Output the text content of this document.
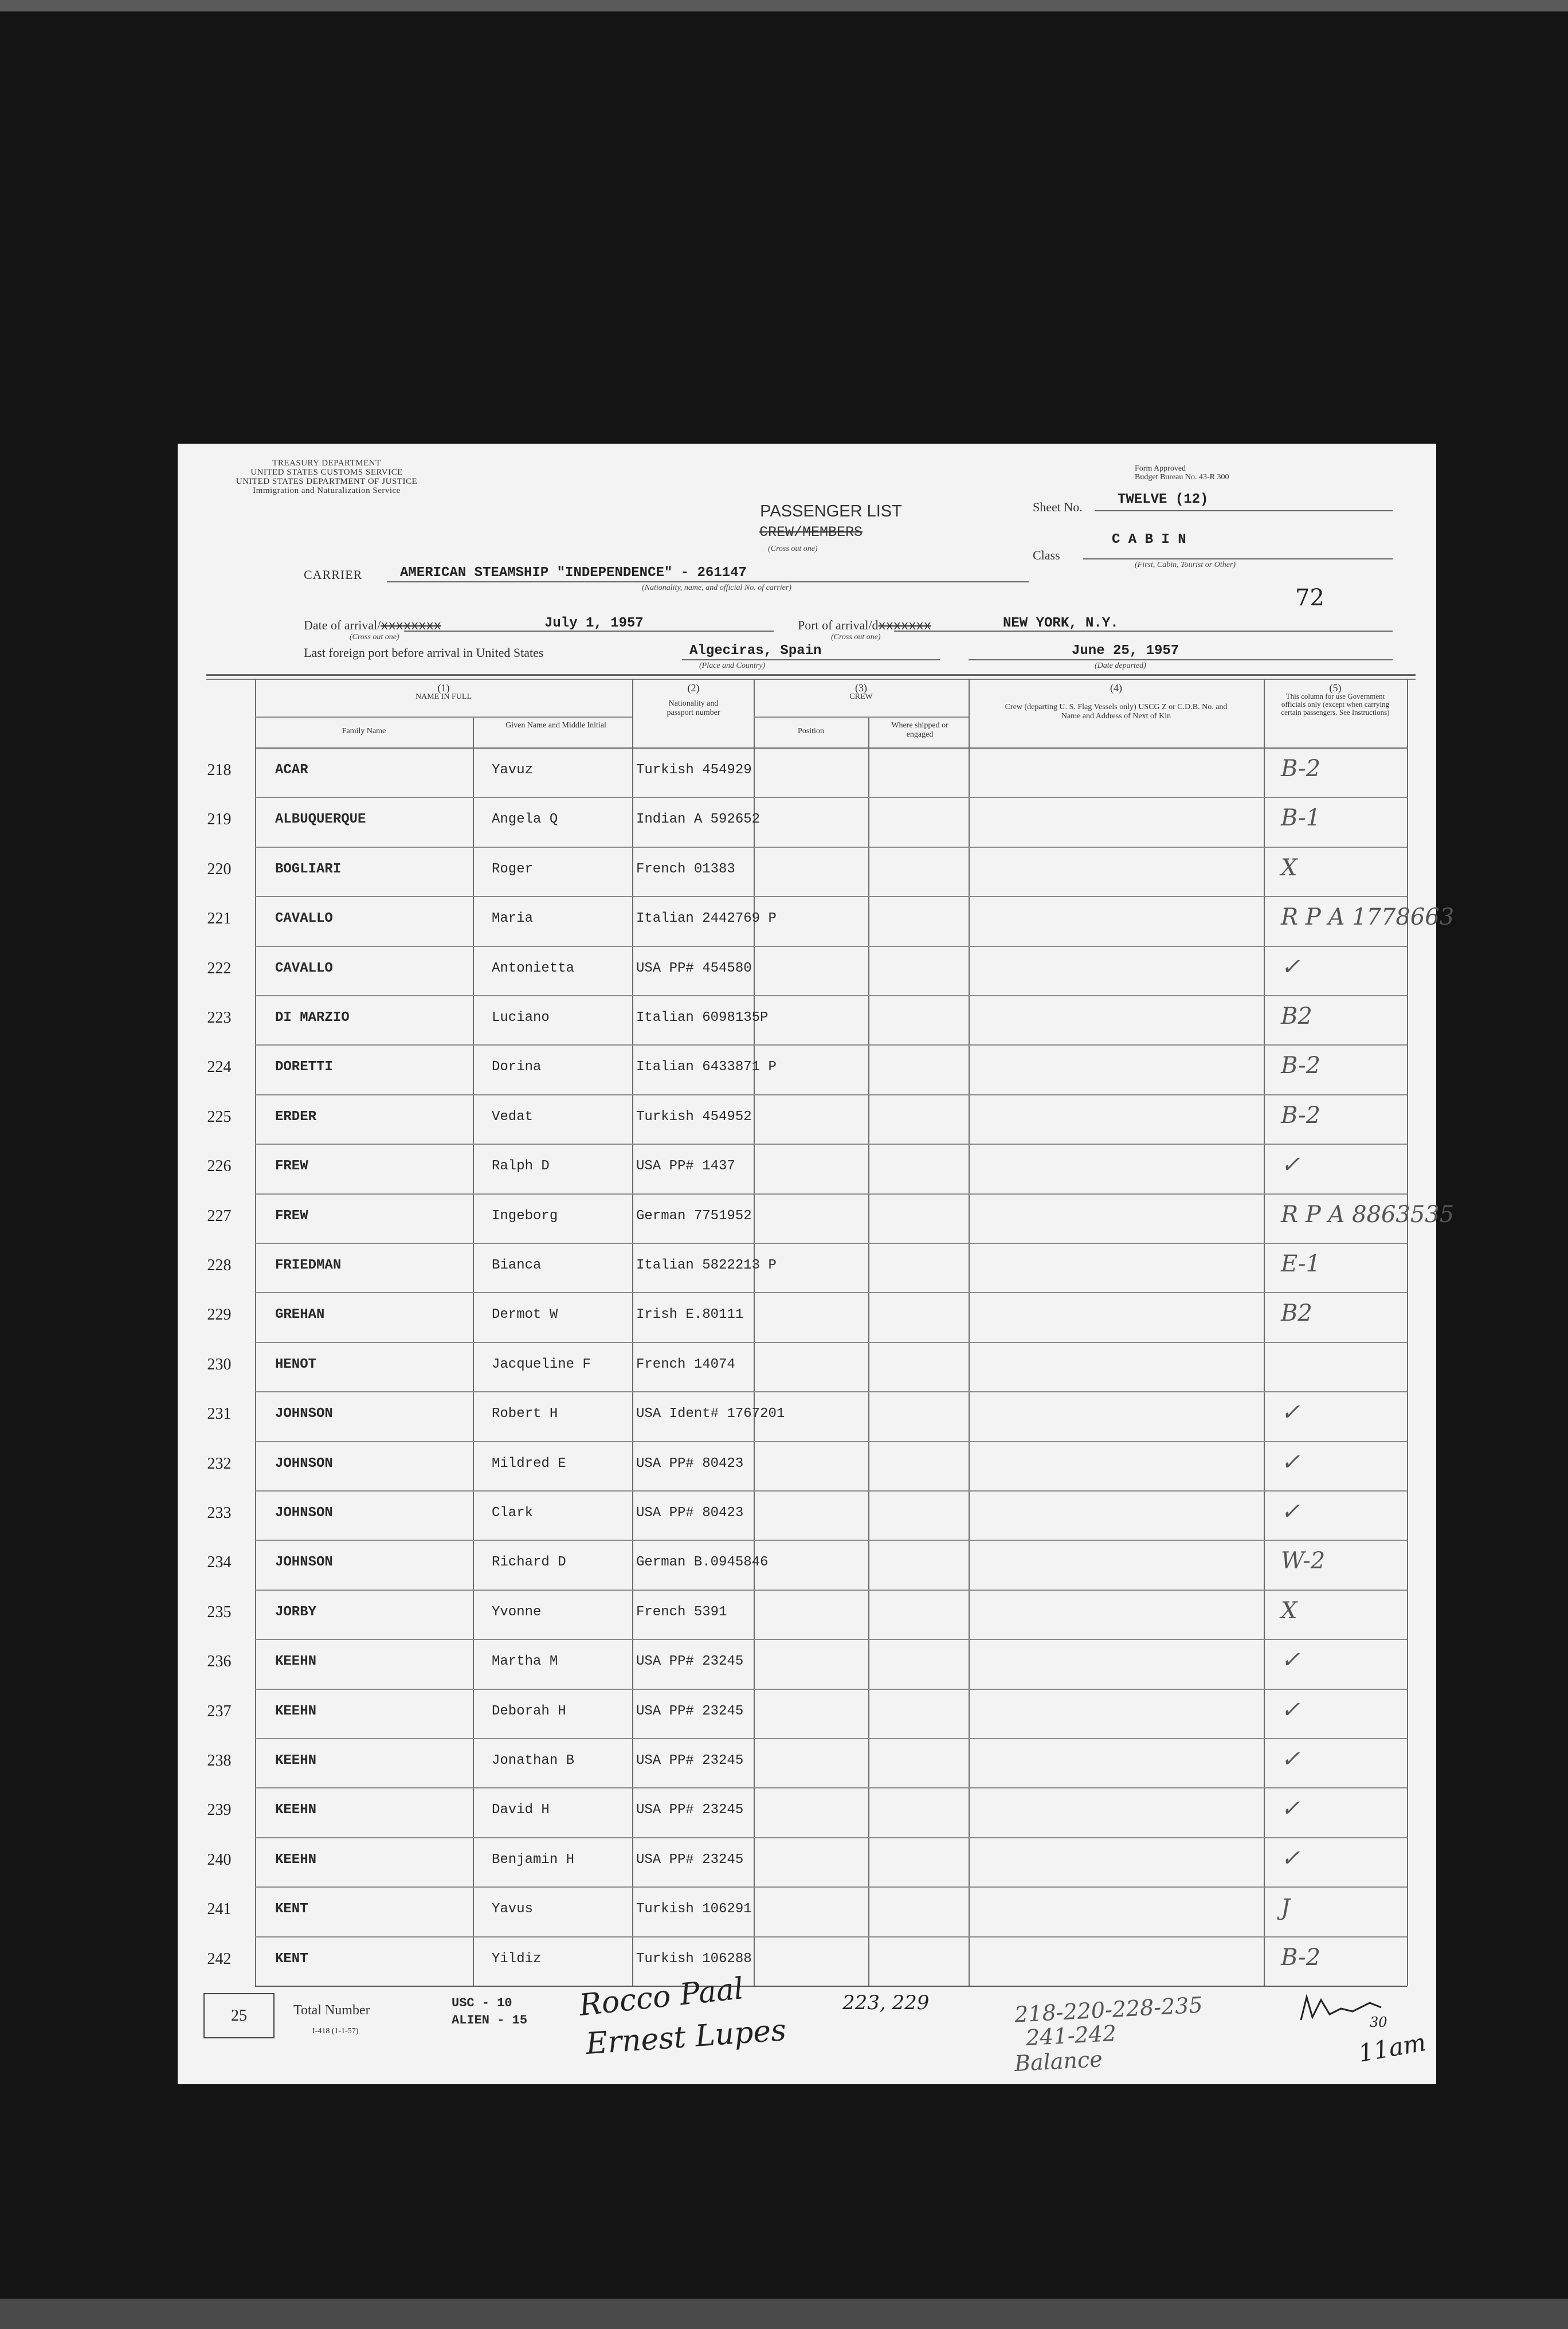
TREASURY DEPARTMENT
UNITED STATES CUSTOMS SERVICE
UNITED STATES DEPARTMENT OF JUSTICE
Immigration and Naturalization Service
Form Approved
Budget Bureau No. 43-R 300
PASSENGER LIST
CREW/MEMBERS
(Cross out one)
Sheet No.	TWELVE (12)
Class
C A B I N
(First, Cabin, Tourist or Other)
CARRIER	AMERICAN STEAMSHIP "INDEPENDENCE" - 261147
(Nationality, name, and official No. of carrier)	72
Date of arrival/xxxxxxxx	July 1, 1957
(Cross out one)
Port of arrival/dxxxxxxx	NEW YORK, N.Y.
(Cross out one)
Last foreign port before arrival in United States	Algeciras, Spain
(Place and Country)
June 25, 1957
(Date departed)
(1)
NAME IN FULL
Family Name
Given Name and Middle Initial
(2)
Nationality and passport number
(3)
CREW
Position
Where shipped or engaged
(4)
Crew (departing U. S. Flag Vessels only) USCG Z or C.D.B. No. and Name and Address of Next of Kin
(5)
This column for use Government officials only (except when carrying certain passengers. See Instructions)
218	ACAR	Yavuz	Turkish 454929	B-2
219	ALBUQUERQUE	Angela Q	Indian A 592652	B-1
220	BOGLIARI	Roger	French 01383	X
221	CAVALLO	Maria	Italian 2442769 P	R P A 1778663
222	CAVALLO	Antonietta	USA PP# 454580	✓
223	DI MARZIO	Luciano	Italian 6098135P	B2
224	DORETTI	Dorina	Italian 6433871 P	B-2
225	ERDER	Vedat	Turkish 454952	B-2
226	FREW	Ralph D	USA PP# 1437	✓
227	FREW	Ingeborg	German 7751952	R P A 8863535
228	FRIEDMAN	Bianca	Italian 5822213 P	E-1
229	GREHAN	Dermot W	Irish E.80111	B2
230	HENOT	Jacqueline F	French 14074
231	JOHNSON	Robert H	USA Ident# 1767201	✓
232	JOHNSON	Mildred E	USA PP# 80423	✓
233	JOHNSON	Clark	USA PP# 80423	✓
234	JOHNSON	Richard D	German B.0945846	W-2
235	JORBY	Yvonne	French 5391	X
236	KEEHN	Martha M	USA PP# 23245	✓
237	KEEHN	Deborah H	USA PP# 23245	✓
238	KEEHN	Jonathan B	USA PP# 23245	✓
239	KEEHN	David H	USA PP# 23245	✓
240	KEEHN	Benjamin H	USA PP# 23245	✓
241	KENT	Yavus	Turkish 106291	J
242	KENT	Yildiz	Turkish 106288	B-2
25	Total Number
I-418 (1-1-57)
USC - 10
ALIEN - 15 Rocco Paal
Ernest Lupes
223, 229	218-220-228-235
241-242
Balance	11am
30
